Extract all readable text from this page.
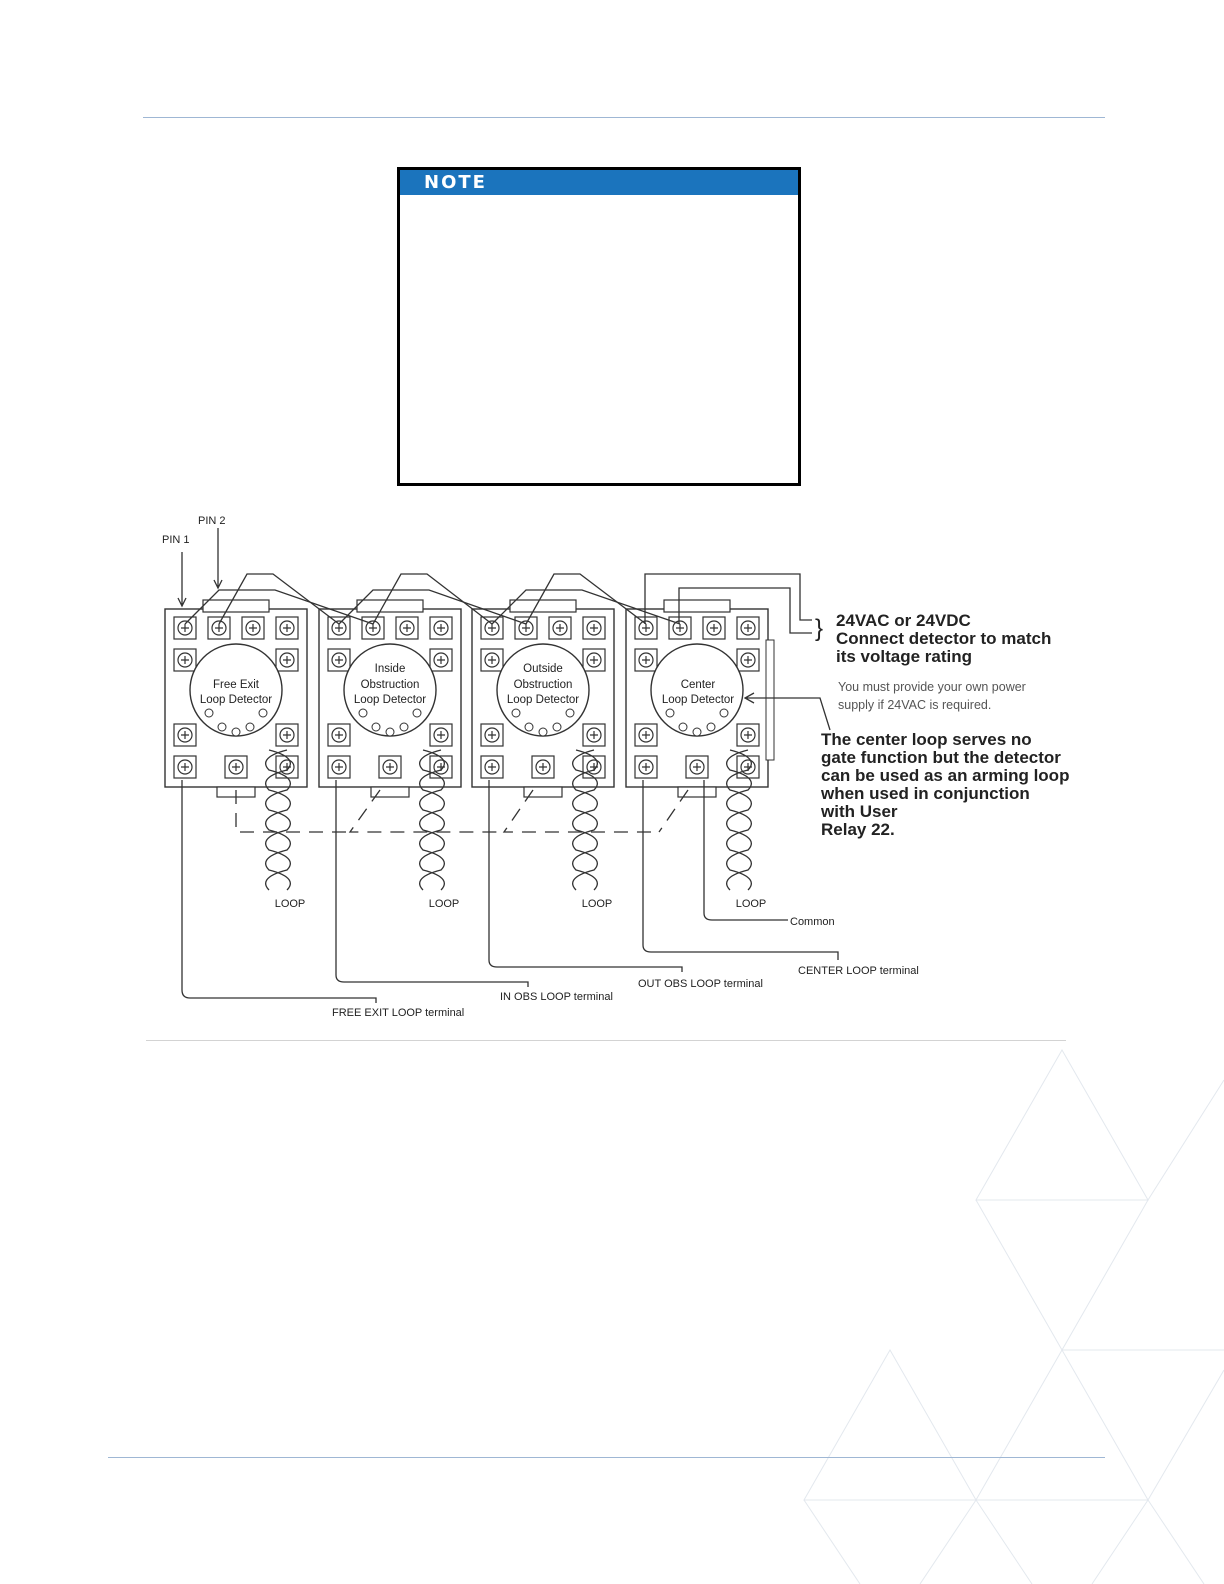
NOTE
PIN 1
PIN 2
Free Exit
Loop Detector
Inside
Obstruction
Loop Detector
Outside
Obstruction
Loop Detector
Center
Loop Detector
LOOP	LOOP	LOOP	LOOP
Common
CENTER LOOP terminal
OUT OBS LOOP terminal
IN OBS LOOP terminal
FREE EXIT LOOP terminal
} 24VAC or 24VDC
Connect detector to match
its voltage rating
You must provide your own power
supply if 24VAC is required.
The center loop serves no
gate function but the detector
can be used as an arming loop
when used in conjunction
with User
Relay 22.
